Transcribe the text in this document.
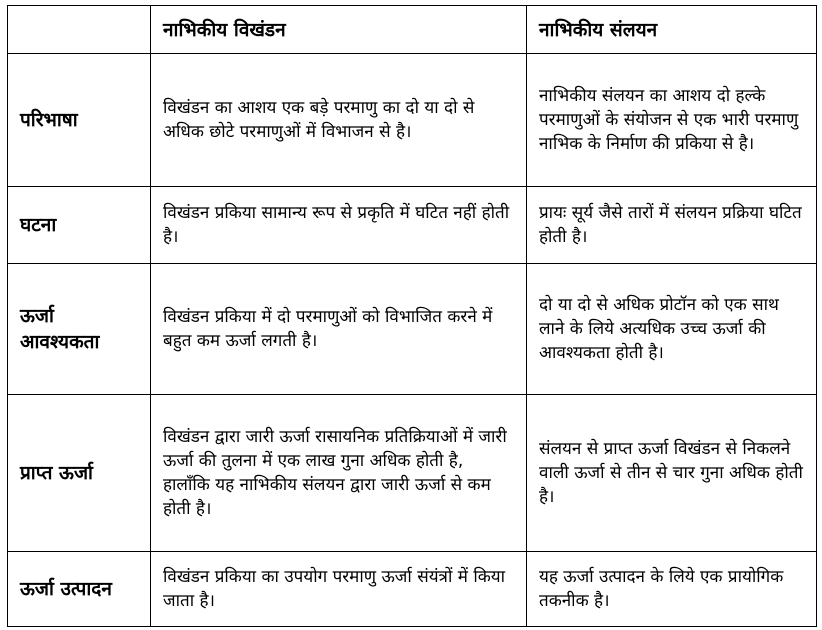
	नाभिकीय विखंडन	नाभिकीय संलयन
परिभाषा	विखंडन का आशय एक बड़े परमाणु का दो या दो से अधिक छोटे परमाणुओं में विभाजन से है।	नाभिकीय संलयन का आशय दो हल्के परमाणुओं के संयोजन से एक भारी परमाणु नाभिक के निर्माण की प्रकिया से है।
घटना	विखंडन प्रकिया सामान्य रूप से प्रकृति में घटित नहीं होती है।	प्रायः सूर्य जैसे तारों में संलयन प्रक्रिया घटित होती है।
ऊर्जा आवश्यकता	विखंडन प्रकिया में दो परमाणुओं को विभाजित करने में बहुत कम ऊर्जा लगती है।	दो या दो से अधिक प्रोटॉन को एक साथ लाने के लिये अत्यधिक उच्च ऊर्जा की आवश्यकता होती है।
प्राप्त ऊर्जा	विखंडन द्वारा जारी ऊर्जा रासायनिक प्रतिक्रियाओं में जारी ऊर्जा की तुलना में एक लाख गुना अधिक होती है, हालाँकि यह नाभिकीय संलयन द्वारा जारी ऊर्जा से कम होती है।	संलयन से प्राप्त ऊर्जा विखंडन से निकलने वाली ऊर्जा से तीन से चार गुना अधिक होती है।
ऊर्जा उत्पादन	विखंडन प्रकिया का उपयोग परमाणु ऊर्जा संयंत्रों में किया जाता है।	यह ऊर्जा उत्पादन के लिये एक प्रायोगिक तकनीक है।
